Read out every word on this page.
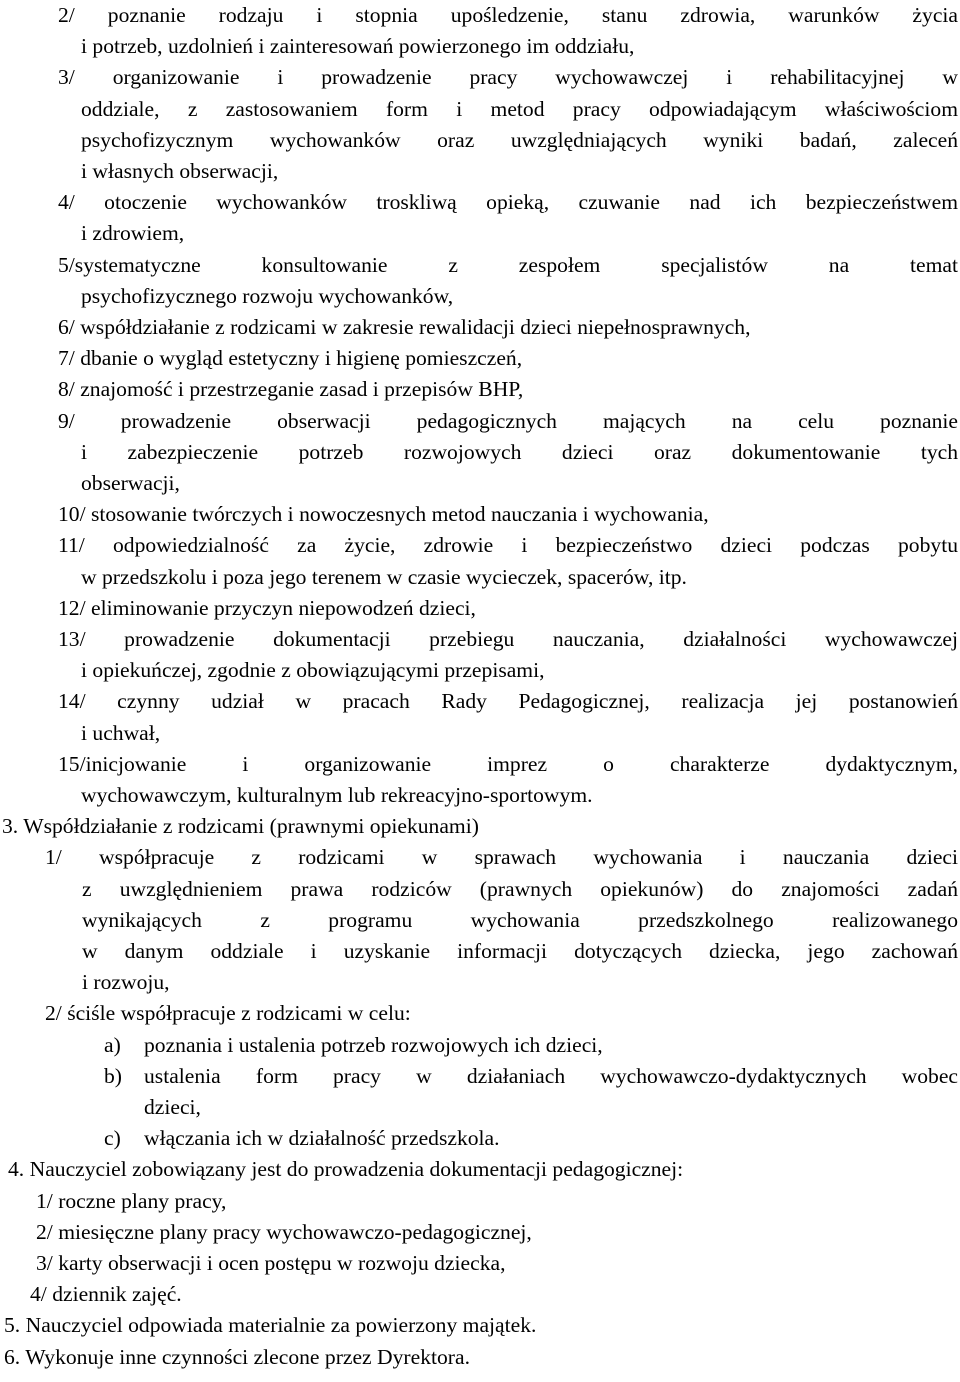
2/ poznanie rodzaju i stopnia upośledzenie, stanu zdrowia, warunków życia
i potrzeb, uzdolnień i zainteresowań powierzonego im oddziału,
3/ organizowanie i prowadzenie pracy wychowawczej i rehabilitacyjnej w
oddziale, z zastosowaniem form i metod pracy odpowiadającym właściwościom
psychofizycznym wychowanków oraz uwzględniających wyniki badań, zaleceń
i własnych obserwacji,
4/ otoczenie wychowanków troskliwą opieką, czuwanie nad ich bezpieczeństwem
i zdrowiem,
5/systematyczne konsultowanie z zespołem specjalistów na temat
psychofizycznego rozwoju wychowanków,
6/ współdziałanie z rodzicami w zakresie rewalidacji dzieci niepełnosprawnych,
7/ dbanie o wygląd estetyczny i higienę pomieszczeń,
8/ znajomość i przestrzeganie zasad i przepisów BHP,
9/ prowadzenie obserwacji pedagogicznych mających na celu poznanie
i zabezpieczenie potrzeb rozwojowych dzieci oraz dokumentowanie tych
obserwacji,
10/ stosowanie twórczych i nowoczesnych metod nauczania i wychowania,
11/ odpowiedzialność za życie, zdrowie i bezpieczeństwo dzieci podczas pobytu
w przedszkolu i poza jego terenem w czasie wycieczek, spacerów, itp.
12/ eliminowanie przyczyn niepowodzeń dzieci,
13/ prowadzenie dokumentacji przebiegu nauczania, działalności wychowawczej
i opiekuńczej, zgodnie z obowiązującymi przepisami,
14/ czynny udział w pracach Rady Pedagogicznej, realizacja jej postanowień
i uchwał,
15/inicjowanie i organizowanie imprez o charakterze dydaktycznym,
wychowawczym, kulturalnym lub rekreacyjno-sportowym.
3. Współdziałanie z rodzicami (prawnymi opiekunami)
1/ współpracuje z rodzicami w sprawach wychowania i nauczania dzieci
z uwzględnieniem prawa rodziców (prawnych opiekunów) do znajomości zadań
wynikających z programu wychowania przedszkolnego realizowanego
w danym oddziale i uzyskanie informacji dotyczących dziecka, jego zachowań
i rozwoju,
2/ ściśle współpracuje z rodzicami w celu:
a)	poznania i ustalenia potrzeb rozwojowych ich dzieci,
b) ustalenia form pracy w działaniach wychowawczo-dydaktycznych wobec
dzieci,
c)	włączania ich w działalność przedszkola.
4. Nauczyciel zobowiązany jest do prowadzenia dokumentacji pedagogicznej:
1/ roczne plany pracy,
2/ miesięczne plany pracy wychowawczo-pedagogicznej,
3/ karty obserwacji i ocen postępu w rozwoju dziecka,
4/ dziennik zajęć.
5. Nauczyciel odpowiada materialnie za powierzony majątek.
6. Wykonuje inne czynności zlecone przez Dyrektora.
